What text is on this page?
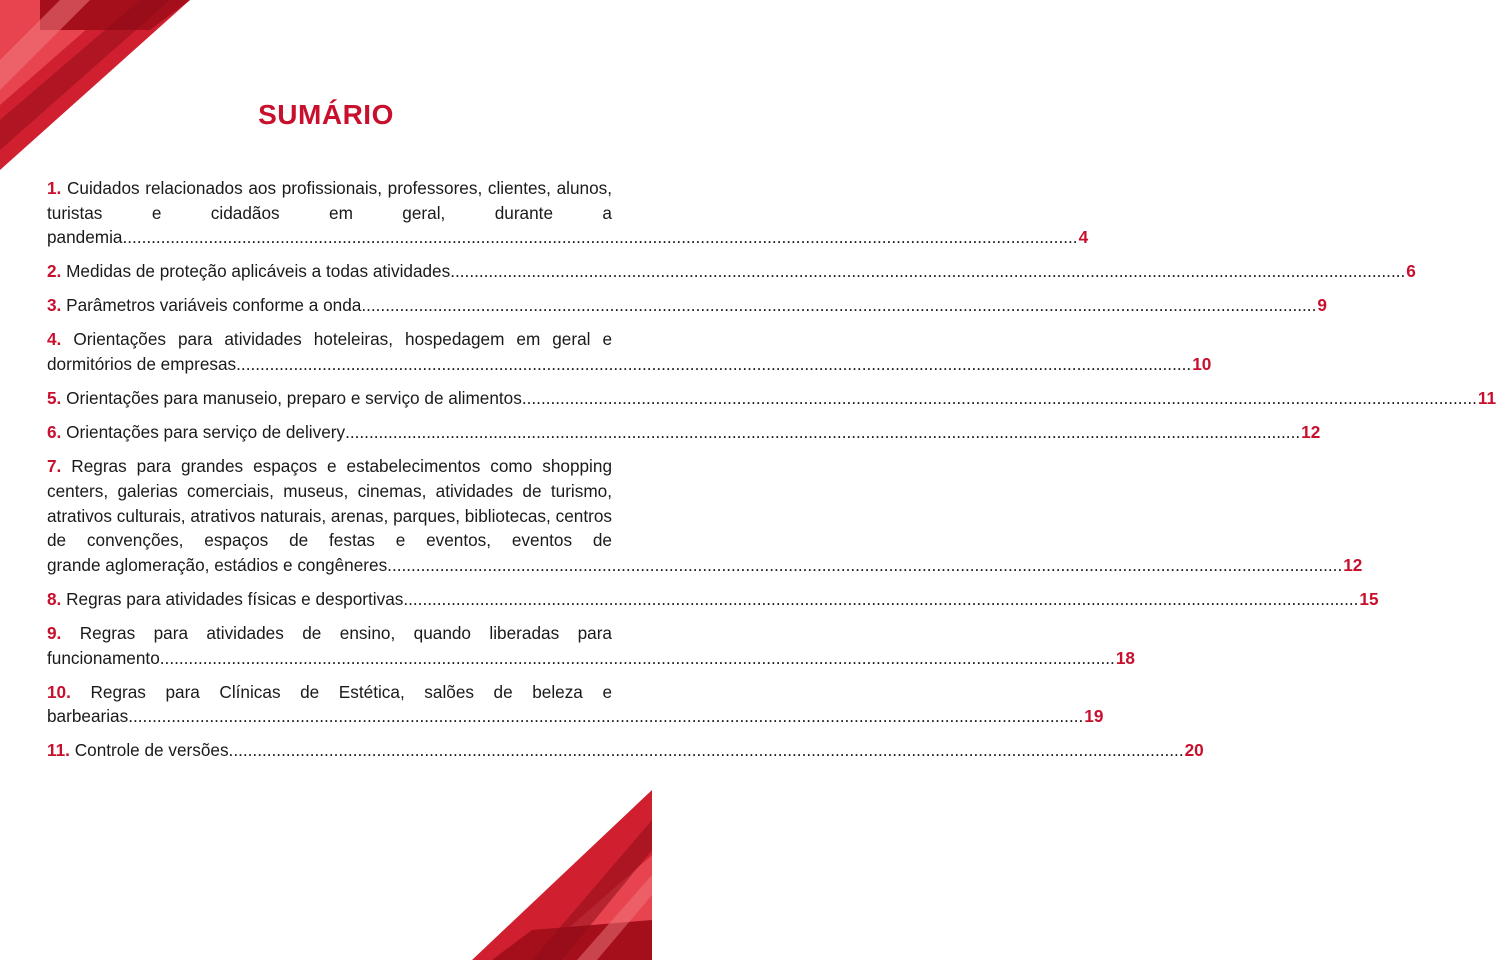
SUMÁRIO
1. Cuidados relacionados aos profissionais, professores, clientes, alunos, turistas e cidadãos em geral, durante a
pandemia ........................................................................................................................................................................................................ 4
2. Medidas de proteção aplicáveis a todas atividades ........................................................................................................................................................................................................ 6
3. Parâmetros variáveis conforme a onda ........................................................................................................................................................................................................ 9
4. Orientações para atividades hoteleiras, hospedagem em geral e
dormitórios de empresas ........................................................................................................................................................................................................ 10
5. Orientações para manuseio, preparo e serviço de alimentos ........................................................................................................................................................................................................ 11
6. Orientações para serviço de delivery ........................................................................................................................................................................................................ 12
7. Regras para grandes espaços e estabelecimentos como shopping centers, galerias comerciais, museus, cinemas, atividades de turismo, atrativos culturais, atrativos naturais, arenas, parques, bibliotecas, centros de convenções, espaços de festas e eventos, eventos de
grande aglomeração, estádios e congêneres ........................................................................................................................................................................................................ 12
8. Regras para atividades físicas e desportivas ........................................................................................................................................................................................................ 15
9. Regras para atividades de ensino, quando liberadas para
funcionamento ........................................................................................................................................................................................................ 18
10. Regras para Clínicas de Estética, salões de beleza e
barbearias ........................................................................................................................................................................................................ 19
11. Controle de versões ........................................................................................................................................................................................................ 20
